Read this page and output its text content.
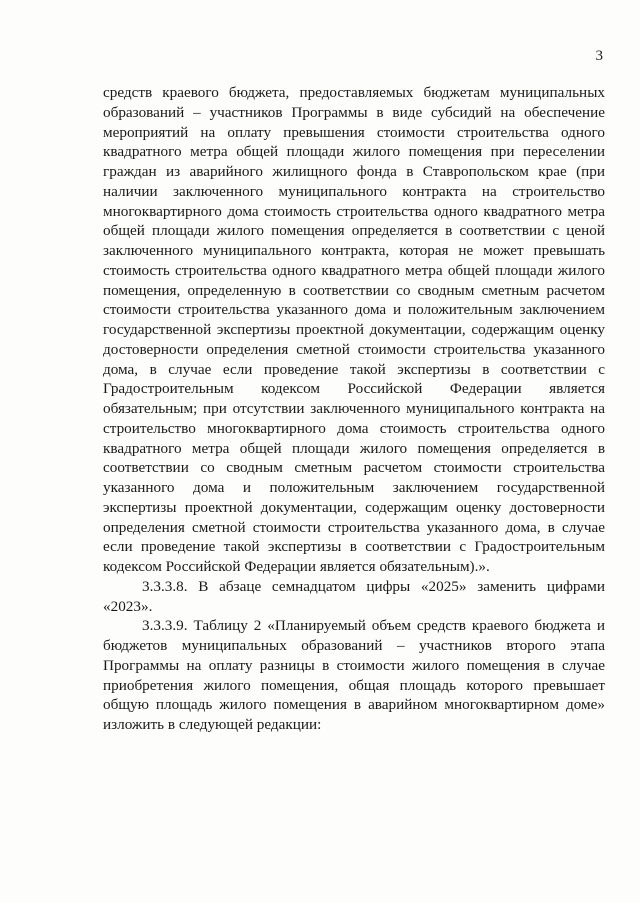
3

средств краевого бюджета, предоставляемых бюджетам муниципальных образований – участников Программы в виде субсидий на обеспечение мероприятий на оплату превышения стоимости строительства одного квадратного метра общей площади жилого помещения при переселении граждан из аварийного жилищного фонда в Ставропольском крае (при наличии заключенного муниципального контракта на строительство многоквартирного дома стоимость строительства одного квадратного метра общей площади жилого помещения определяется в соответствии с ценой заключенного муниципального контракта, которая не может превышать стоимость строительства одного квадратного метра общей площади жилого помещения, определенную в соответствии со сводным сметным расчетом стоимости строительства указанного дома и положительным заключением государственной экспертизы проектной документации, содержащим оценку достоверности определения сметной стоимости строительства указанного дома, в случае если проведение такой экспертизы в соответствии с Градостроительным кодексом Российской Федерации является обязательным; при отсутствии заключенного муниципального контракта на строительство многоквартирного дома стоимость строительства одного квадратного метра общей площади жилого помещения определяется в соответствии со сводным сметным расчетом стоимости строительства указанного дома и положительным заключением государственной экспертизы проектной документации, содержащим оценку достоверности определения сметной стоимости строительства указанного дома, в случае если проведение такой экспертизы в соответствии с Градостроительным кодексом Российской Федерации является обязательным).».

3.3.3.8. В абзаце семнадцатом цифры «2025» заменить цифрами «2023».

3.3.3.9. Таблицу 2 «Планируемый объем средств краевого бюджета и бюджетов муниципальных образований – участников второго этапа Программы на оплату разницы в стоимости жилого помещения в случае приобретения жилого помещения, общая площадь которого превышает общую площадь жилого помещения в аварийном многоквартирном доме» изложить в следующей редакции:
